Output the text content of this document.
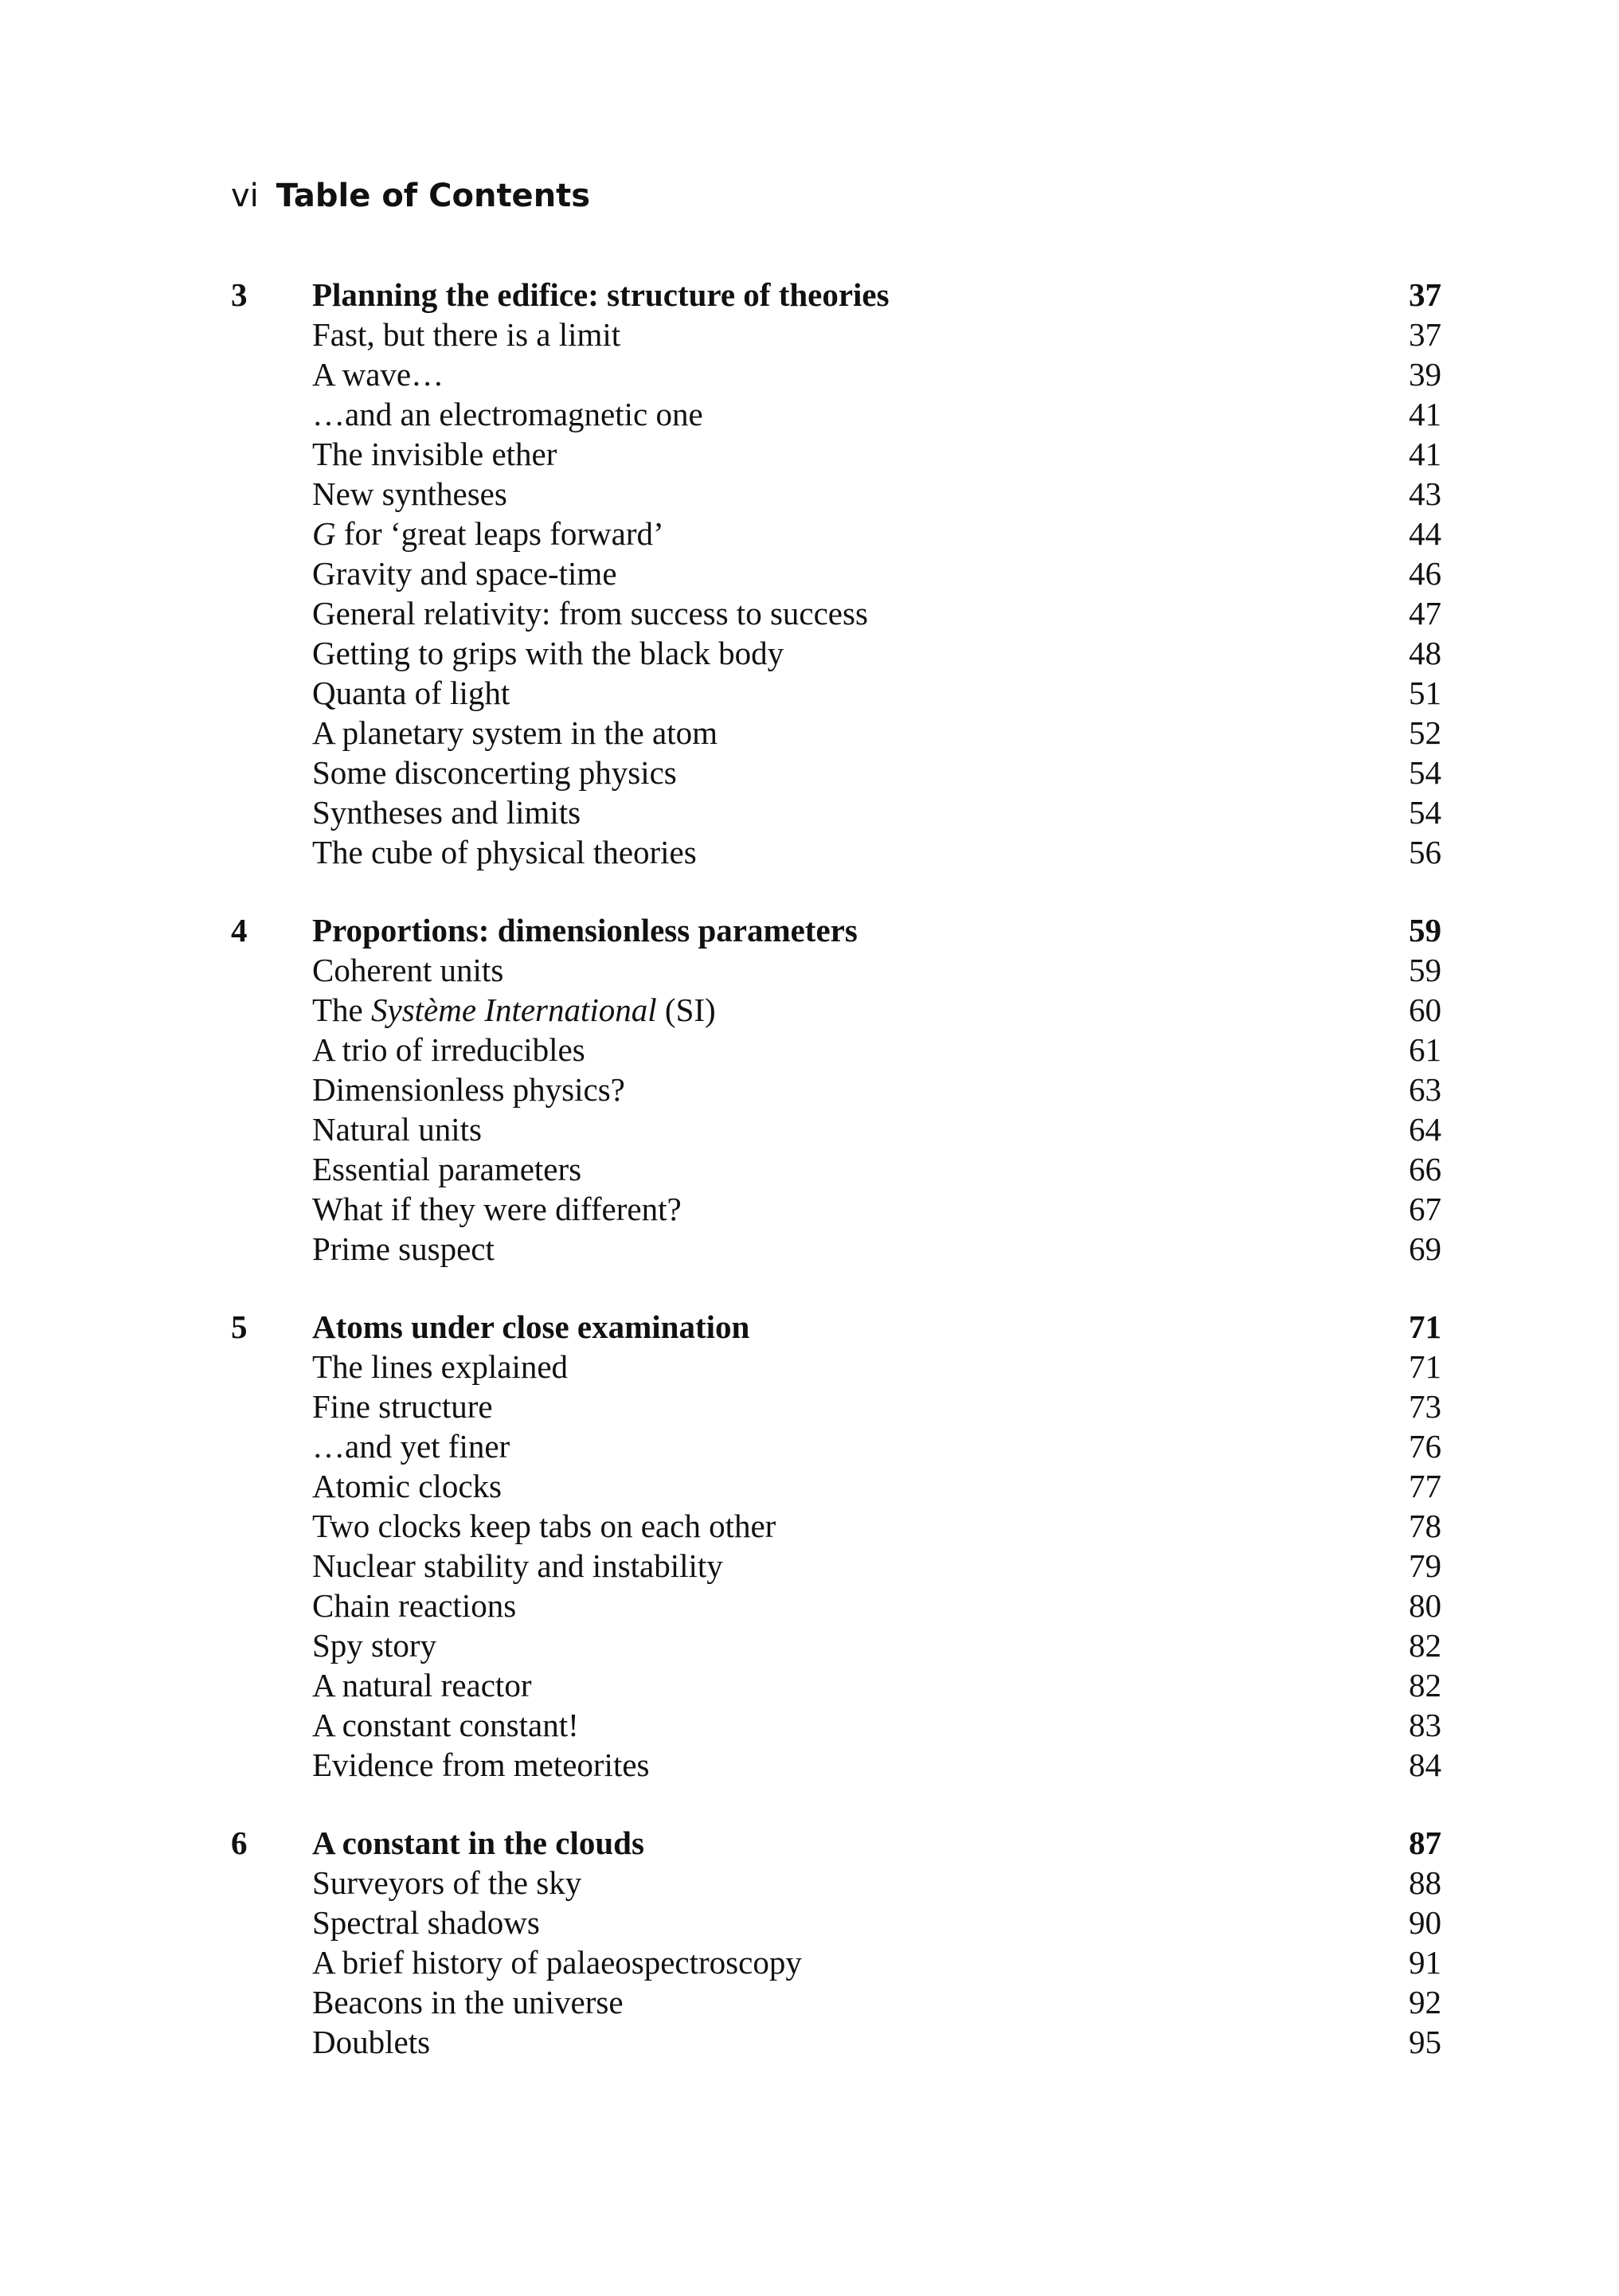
vi Table of Contents
3 Planning the edifice: structure of theories	37
Fast, but there is a limit	37
A wave…	39
…and an electromagnetic one	41
The invisible ether	41
New syntheses	43
G for ‘great leaps forward’	44
Gravity and space-time	46
General relativity: from success to success	47
Getting to grips with the black body	48
Quanta of light	51
A planetary system in the atom	52
Some disconcerting physics	54
Syntheses and limits	54
The cube of physical theories	56
4 Proportions: dimensionless parameters	59
Coherent units	59
The Système International (SI)	60
A trio of irreducibles	61
Dimensionless physics?	63
Natural units	64
Essential parameters	66
What if they were different?	67
Prime suspect	69
5 Atoms under close examination	71
The lines explained	71
Fine structure	73
…and yet finer	76
Atomic clocks	77
Two clocks keep tabs on each other	78
Nuclear stability and instability	79
Chain reactions	80
Spy story	82
A natural reactor	82
A constant constant!	83
Evidence from meteorites	84
6 A constant in the clouds	87
Surveyors of the sky	88
Spectral shadows	90
A brief history of palaeospectroscopy	91
Beacons in the universe	92
Doublets	95
